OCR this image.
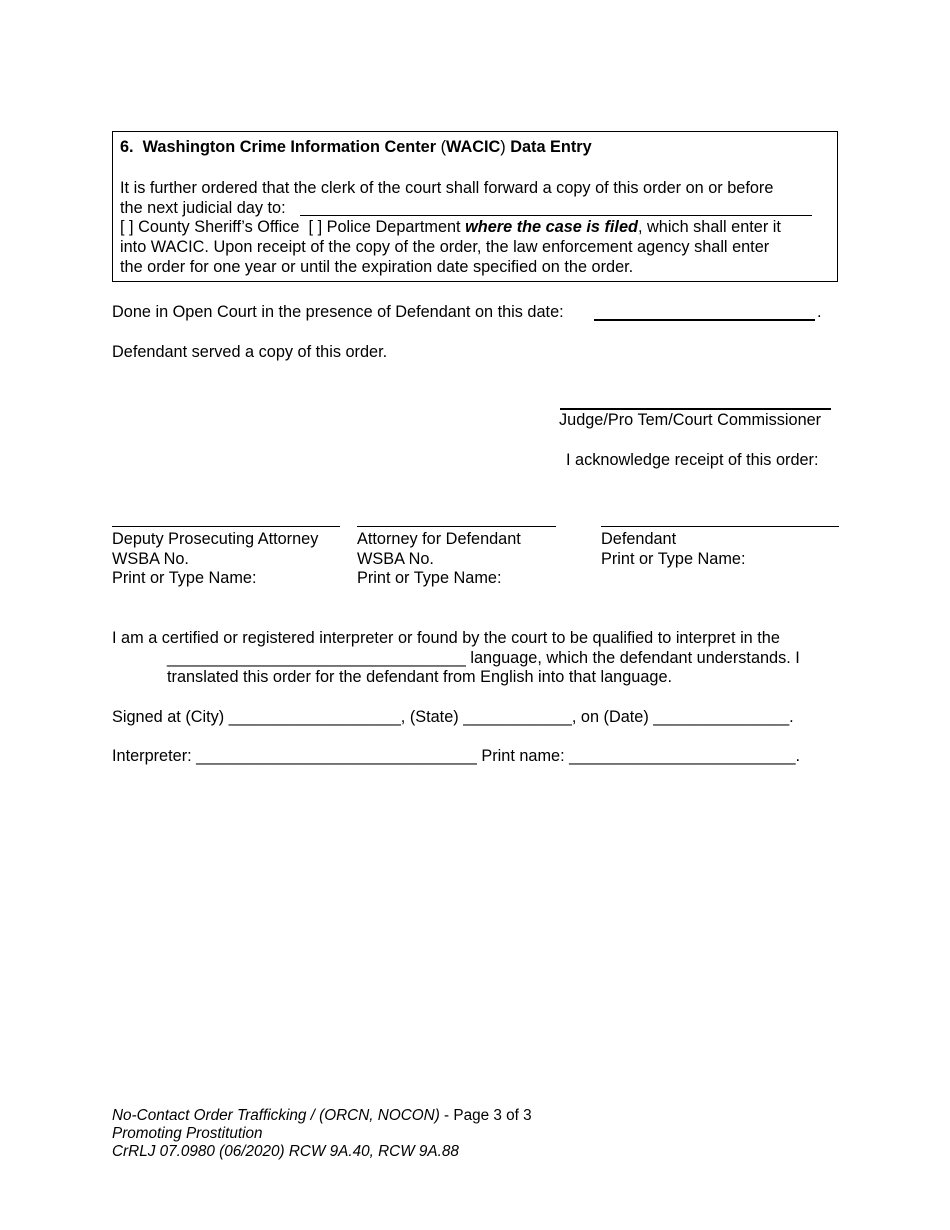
6. Washington Crime Information Center (WACIC) Data Entry
It is further ordered that the clerk of the court shall forward a copy of this order on or before
the next judicial day to:
[ ] County Sheriff’s Office [ ] Police Department where the case is filed, which shall enter it
into WACIC. Upon receipt of the copy of the order, the law enforcement agency shall enter
the order for one year or until the expiration date specified on the order.
Done in Open Court in the presence of Defendant on this date:	.
Defendant served a copy of this order.
Judge/Pro Tem/Court Commissioner
I acknowledge receipt of this order:
Deputy Prosecuting Attorney
WSBA No.
Print or Type Name:
Attorney for Defendant
WSBA No.
Print or Type Name:
Defendant
Print or Type Name:
I am a certified or registered interpreter or found by the court to be qualified to interpret in the
_________________________________ language, which the defendant understands. I
translated this order for the defendant from English into that language.
Signed at (City) ___________________, (State) ____________, on (Date) _______________.
Interpreter: _______________________________ Print name: _________________________.
No-Contact Order Trafficking / (ORCN, NOCON) - Page 3 of 3
Promoting Prostitution
CrRLJ 07.0980 (06/2020) RCW 9A.40, RCW 9A.88
